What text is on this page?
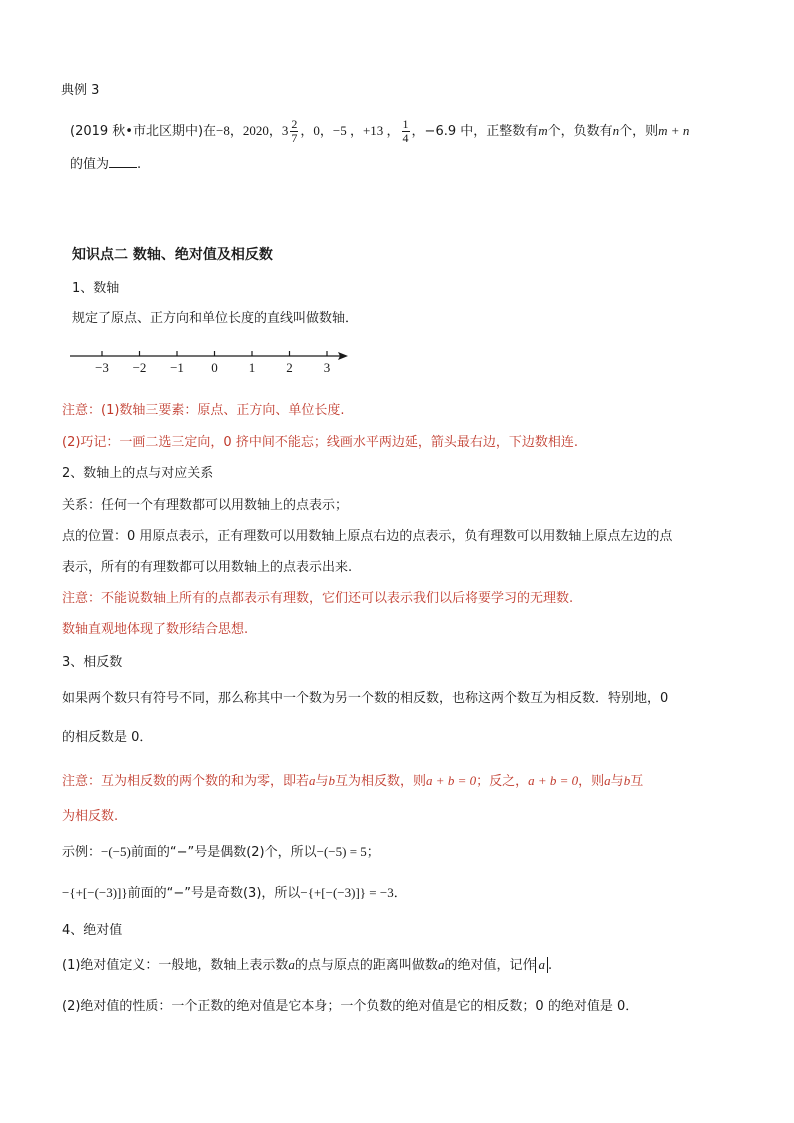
典例 3
(2019 秋•市北区期中)在−8，2020，$3 \frac{2}{7}$ ，0，−5 ，+13 ， $\frac{1}{4}$ ，−6.9 中，正整数有m个，负数有n个，则m + n
的值为 .
知识点二 数轴、绝对值及相反数
1、数轴
规定了原点、正方向和单位长度的直线叫做数轴．
−3 −2 −1 0 1 2 3
注意：(1)数轴三要素：原点、正方向、单位长度.
(2)巧记：一画二选三定向，0 挤中间不能忘；线画水平两边延，箭头最右边，下边数相连.
2、数轴上的点与对应关系
关系：任何一个有理数都可以用数轴上的点表示；
点的位置：0 用原点表示，正有理数可以用数轴上原点右边的点表示，负有理数可以用数轴上原点左边的点
表示，所有的有理数都可以用数轴上的点表示出来.
注意：不能说数轴上所有的点都表示有理数，它们还可以表示我们以后将要学习的无理数.
数轴直观地体现了数形结合思想.
3、相反数
如果两个数只有符号不同，那么称其中一个数为另一个数的相反数，也称这两个数互为相反数．特别地，0
的相反数是 0．
注意：互为相反数的两个数的和为零，即若a与b互为相反数，则a + b = 0；反之，a + b = 0，则a与b互
为相反数.
示例：−(−5)前面的“−”号是偶数(2)个，所以−(−5) = 5；
−{+[−(−3)]}前面的“−”号是奇数(3)，所以−{+[−(−3)]} = −3．
4、绝对值
(1)绝对值定义：一般地，数轴上表示数a的点与原点的距离叫做数a的绝对值，记作 a .
(2)绝对值的性质：一个正数的绝对值是它本身；一个负数的绝对值是它的相反数；0 的绝对值是 0．
